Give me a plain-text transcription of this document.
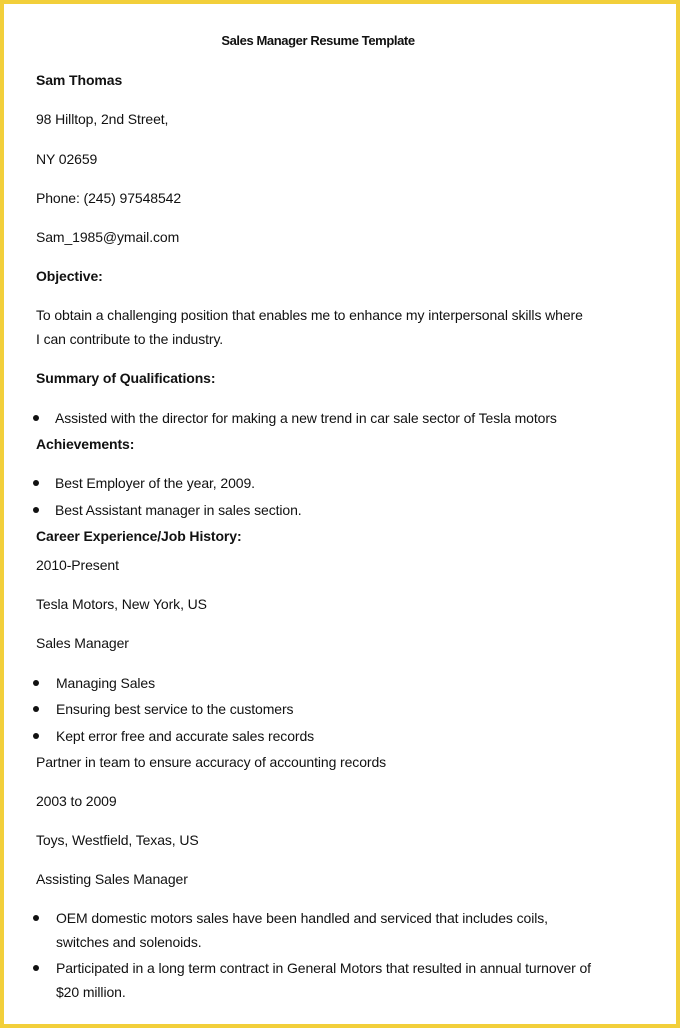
Sales Manager Resume Template
Sam Thomas
98 Hilltop, 2nd Street,
NY 02659
Phone: (245) 97548542
Sam_1985@ymail.com
Objective:
To obtain a challenging position that enables me to enhance my interpersonal skills where
I can contribute to the industry.
Summary of Qualifications:
Assisted with the director for making a new trend in car sale sector of Tesla motors
Achievements:
Best Employer of the year, 2009.
Best Assistant manager in sales section.
Career Experience/Job History:
2010-Present
Tesla Motors, New York, US
Sales Manager
Managing Sales
Ensuring best service to the customers
Kept error free and accurate sales records
Partner in team to ensure accuracy of accounting records
2003 to 2009
Toys, Westfield, Texas, US
Assisting Sales Manager
OEM domestic motors sales have been handled and serviced that includes coils, switches and solenoids.
Participated in a long term contract in General Motors that resulted in annual turnover of $20 million.
